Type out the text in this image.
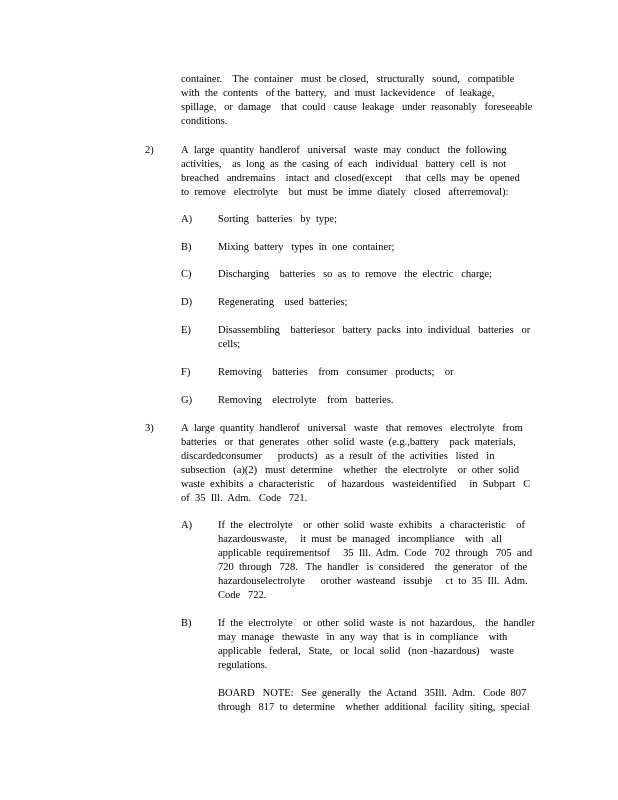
container.    The  container   must  be closed,   structurally   sound,   compatible
with  the  contents   of the  battery,   and  must  lackevidence    of  leakage,
spillage,   or  damage    that  could   cause  leakage   under  reasonably   foreseeable
conditions.
2)	A  large  quantity  handlerof   universal   waste  may  conduct   the  following
activities,    as  long  as  the  casing  of  each   individual   battery  cell  is  not
breached   andremains    intact  and  closed(except     that  cells  may  be  opened
to  remove   electrolyte    but  must  be  imme  diately   closed   afterremoval):
A) Sorting   batteries   by  type;
B)	Mixing  battery   types  in  one  container;
C)	Discharging    batteries   so  as  to  remove   the  electric   charge;
D) Regenerating    used  batteries;
E)	Disassembling    batteriesor   battery  packs  into  individual   batteries   or
cells;
F)	Removing    batteries    from   consumer   products;    or
G) Removing    electrolyte    from   batteries.
3)	A  large  quantity  handlerof   universal   waste   that  removes   electrolyte   from
batteries   or  that  generates   other  solid  waste  (e.g.,battery    pack  materials,
discardedconsumer      products)   as  a  result  of  the  activities   listed   in
subsection   (a)(2)   must  determine    whether   the  electrolyte    or  other  solid
waste  exhibits  a  characteristic     of  hazardous   wasteidentified     in  Subpart   C
of  35  Ill.  Adm.   Code   721.
A) If  the  electrolyte    or  other  solid  waste  exhibits   a  characteristic    of
hazardouswaste,     it  must  be  managed   incompliance    with   all
applicable  requirementsof     35  Ill.  Adm.  Code   702  through   705  and
720  through   728.   The  handler   is  considered    the  generator   of  the
hazardouselectrolyte      orother  wasteand   issubje     ct  to  35  Ill.  Adm.
Code   722.
B)	If  the  electrolyte    or  other  solid  waste  is  not  hazardous,    the  handler
may  manage   thewaste   in  any  way  that  is  in  compliance    with
applicable   federal,   State,   or  local  solid   (non -hazardous)    waste
regulations.
BOARD   NOTE:   See  generally   the  Actand   35Ill.  Adm.   Code  807
through   817  to  determine    whether  additional   facility  siting,  special
